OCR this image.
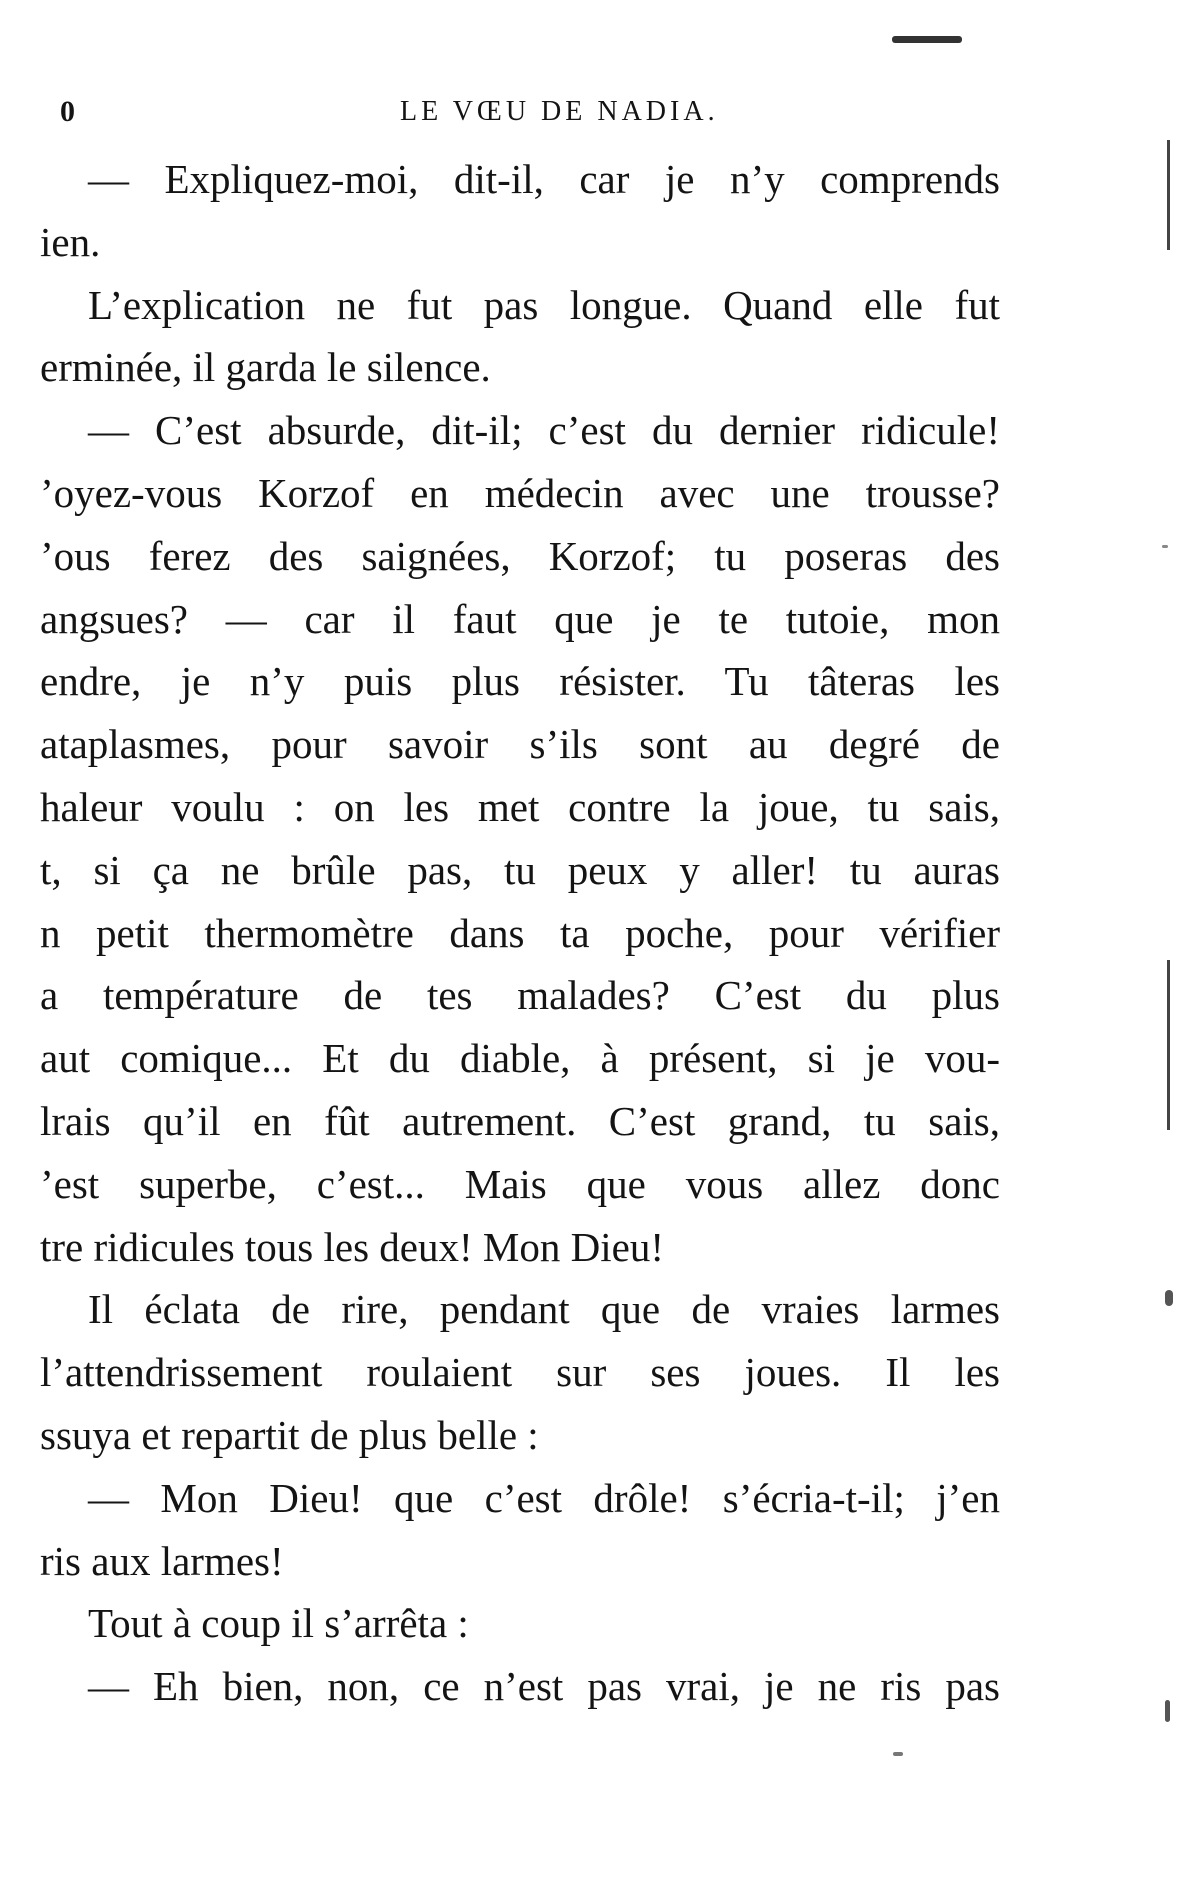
0	LE VŒU DE NADIA.
— Expliquez-moi, dit-il, car je n’y comprends
ien.
L’explication ne fut pas longue. Quand elle fut
erminée, il garda le silence.
— C’est absurde, dit-il; c’est du dernier ridicule!
’oyez-vous Korzof en médecin avec une trousse?
’ous ferez des saignées, Korzof; tu poseras des
angsues? — car il faut que je te tutoie, mon
endre, je n’y puis plus résister. Tu tâteras les
ataplasmes, pour savoir s’ils sont au degré de
haleur voulu : on les met contre la joue, tu sais,
t, si ça ne brûle pas, tu peux y aller! tu auras
n petit thermomètre dans ta poche, pour vérifier
a température de tes malades? C’est du plus
aut comique... Et du diable, à présent, si je vou-
lrais qu’il en fût autrement. C’est grand, tu sais,
’est superbe, c’est... Mais que vous allez donc
tre ridicules tous les deux! Mon Dieu!
Il éclata de rire, pendant que de vraies larmes
l’attendrissement roulaient sur ses joues. Il les
ssuya et repartit de plus belle :
— Mon Dieu! que c’est drôle! s’écria-t-il; j’en
ris aux larmes!
Tout à coup il s’arrêta :
— Eh bien, non, ce n’est pas vrai, je ne ris pas
